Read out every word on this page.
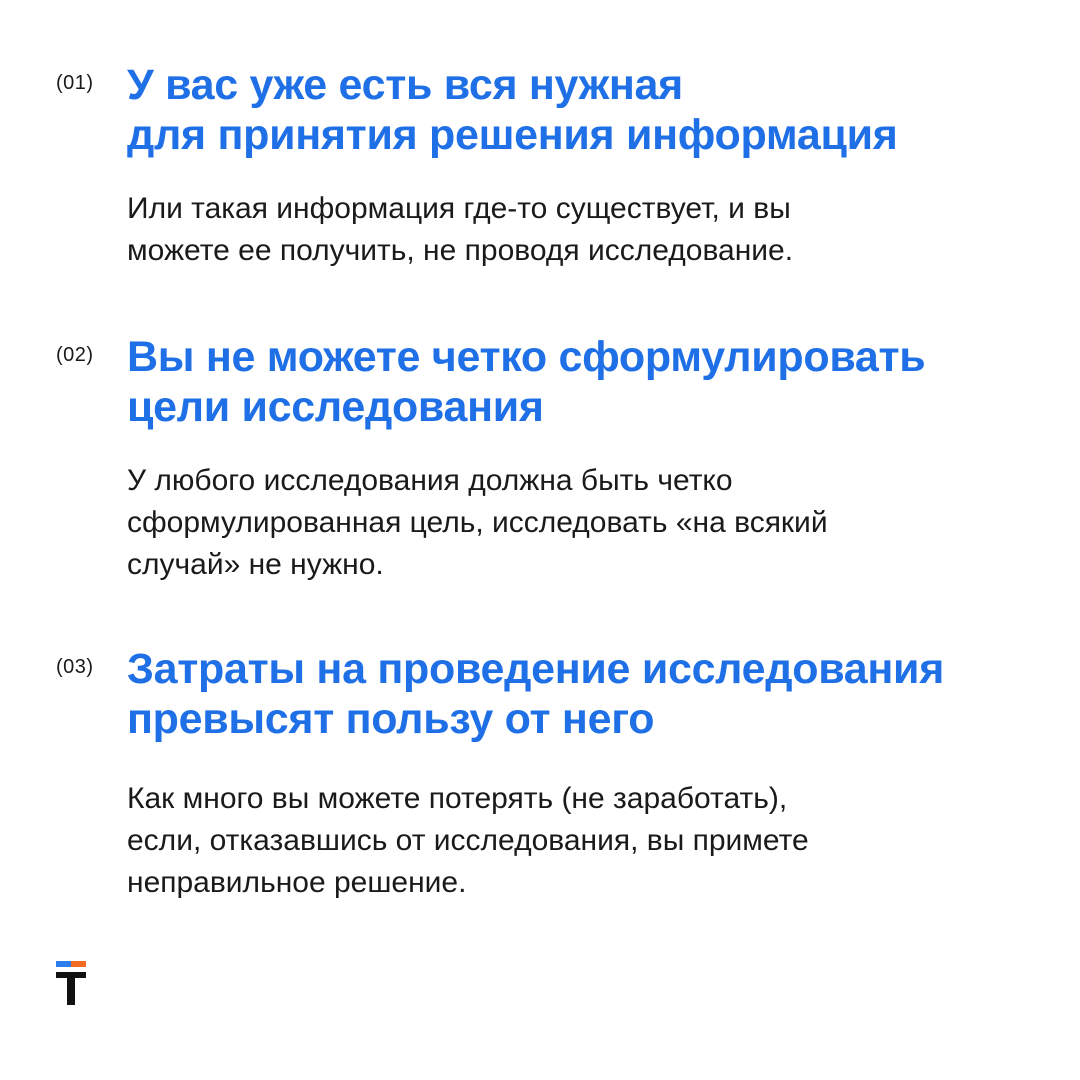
(01) У вас уже есть вся нужная
для принятия решения информация

Или такая информация где-то существует, и вы
можете ее получить, не проводя исследование.

(02) Вы не можете четко сформулировать
цели исследования

У любого исследования должна быть четко
сформулированная цель, исследовать «на всякий
случай» не нужно.

(03) Затраты на проведение исследования
превысят пользу от него

Как много вы можете потерять (не заработать),
если, отказавшись от исследования, вы примете
неправильное решение.
